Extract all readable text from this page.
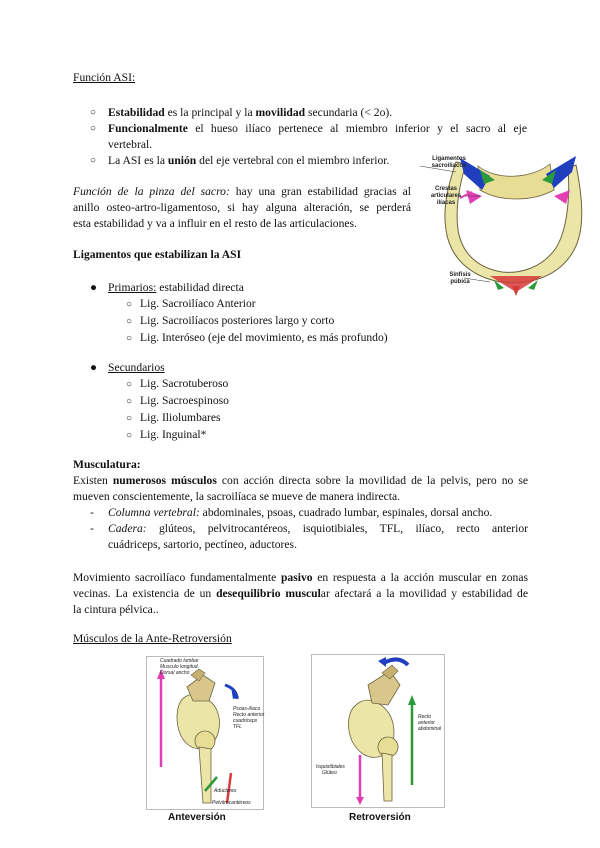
Función ASI:
○ Estabilidad es la principal y la movilidad secundaria (< 2o).
○ Funcionalmente el hueso ilíaco pertenece al miembro inferior y el sacro al eje
vertebral.
○ La ASI es la unión del eje vertebral con el miembro inferior.
Función de la pinza del sacro: hay una gran estabilidad gracias al
anillo osteo-artro-ligamentoso, si hay alguna alteración, se perderá
esta estabilidad y va a influir en el resto de las articulaciones.
Ligamentos sacroiliacos
Crestas articulares ilíacas
Sinfisis púbica
Ligamentos que estabilizan la ASI
● Primarios: estabilidad directa
○ Lig. Sacroilíaco Anterior
○ Lig. Sacroilíacos posteriores largo y corto
○ Lig. Interóseo (eje del movimiento, es más profundo)
● Secundarios
○ Lig. Sacrotuberoso
○ Lig. Sacroespinoso
○ Lig. Iliolumbares
○ Lig. Inguinal*
Musculatura:
Existen numerosos músculos con acción directa sobre la movilidad de la pelvis, pero no se
mueven conscientemente, la sacroilíaca se mueve de manera indirecta.
- Columna vertebral: abdominales, psoas, cuadrado lumbar, espinales, dorsal ancho.
- Cadera: glúteos, pelvitrocantéreos, isquiotibiales, TFL, ilíaco, recto anterior
cuádriceps, sartorio, pectíneo, aductores.
Movimiento sacroilíaco fundamentalmente pasivo en respuesta a la acción muscular en zonas
vecinas. La existencia de un desequilibrio muscular afectará a la movilidad y estabilidad de
la cintura pélvica..
Músculos de la Ante-Retroversión
Cuadrado lumbar
Musculo longitud.
Dorsal ancho
Psoas-ilíaco
Recto anterior
cuadriceps
TFL
Aductores
Pelvitrocantéreos
Anteversión
Recto anterior abdominal
Isquiotibiales
Glúteo
Retroversión
